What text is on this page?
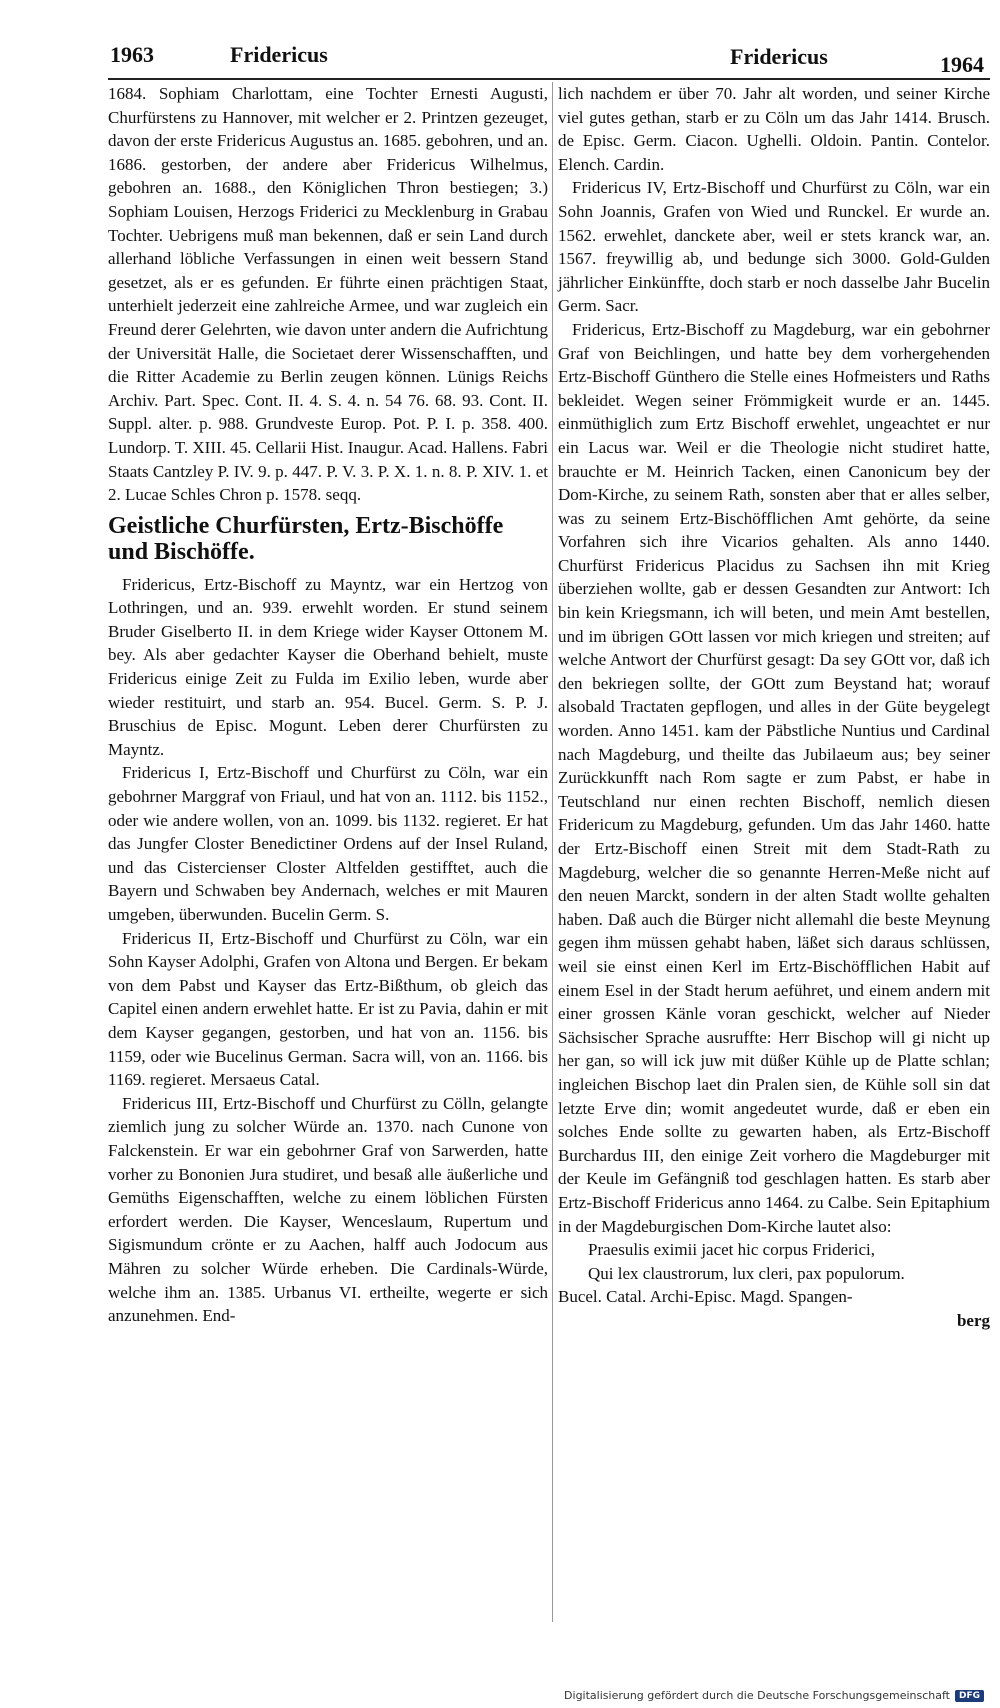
1963	Fridericus	Fridericus	1964

1684. Sophiam Charlottam, eine Tochter Ernesti Augusti, Churfürstens zu Hannover, mit welcher er 2. Printzen gezeuget, davon der erste Fridericus Augustus an. 1685. gebohren, und an. 1686. gestorben, der andere aber Fridericus Wilhelmus, gebohren an. 1688., den Königlichen Thron bestiegen; 3.) Sophiam Louisen, Herzogs Friderici zu Mecklenburg in Grabau Tochter. Uebrigens muß man bekennen, daß er sein Land durch allerhand löbliche Verfassungen in einen weit bessern Stand gesetzet, als er es gefunden. Er führte einen prächtigen Staat, unterhielt jederzeit eine zahlreiche Armee, und war zugleich ein Freund derer Gelehrten, wie davon unter andern die Aufrichtung der Universität Halle, die Societaet derer Wissenschafften, und die Ritter Academie zu Berlin zeugen können. Lünigs Reichs Archiv. Part. Spec. Cont. II. 4. S. 4. n. 54 76. 68. 93. Cont. II. Suppl. alter. p. 988. Grundveste Europ. Pot. P. I. p. 358. 400. Lundorp. T. XIII. 45. Cellarii Hist. Inaugur. Acad. Hallens. Fabri Staats Cantzley P. IV. 9. p. 447. P. V. 3. P. X. 1. n. 8. P. XIV. 1. et 2. Lucae Schles Chron p. 1578. seqq.

Geistliche Churfürsten, Ertz-Bischöffe und Bischöffe.

Fridericus, Ertz-Bischoff zu Mayntz, war ein Hertzog von Lothringen, und an. 939. erwehlt worden. Er stund seinem Bruder Giselberto II. in dem Kriege wider Kayser Ottonem M. bey. Als aber gedachter Kayser die Oberhand behielt, muste Fridericus einige Zeit zu Fulda im Exilio leben, wurde aber wieder restituirt, und starb an. 954. Bucel. Germ. S. P. J. Bruschius de Episc. Mogunt. Leben derer Churfürsten zu Mayntz.

Fridericus I, Ertz-Bischoff und Churfürst zu Cöln, war ein gebohrner Marggraf von Friaul, und hat von an. 1112. bis 1152., oder wie andere wollen, von an. 1099. bis 1132. regieret. Er hat das Jungfer Closter Benedictiner Ordens auf der Insel Ruland, und das Cistercienser Closter Altfelden gestifftet, auch die Bayern und Schwaben bey Andernach, welches er mit Mauren umgeben, überwunden. Bucelin Germ. S.

Fridericus II, Ertz-Bischoff und Churfürst zu Cöln, war ein Sohn Kayser Adolphi, Grafen von Altona und Bergen. Er bekam von dem Pabst und Kayser das Ertz-Bißthum, ob gleich das Capitel einen andern erwehlet hatte. Er ist zu Pavia, dahin er mit dem Kayser gegangen, gestorben, und hat von an. 1156. bis 1159, oder wie Bucelinus German. Sacra will, von an. 1166. bis 1169. regieret. Mersaeus Catal.

Fridericus III, Ertz-Bischoff und Churfürst zu Cölln, gelangte ziemlich jung zu solcher Würde an. 1370. nach Cunone von Falckenstein. Er war ein gebohrner Graf von Sarwerden, hatte vorher zu Bononien Jura studiret, und besaß alle äußerliche und Gemüths Eigenschafften, welche zu einem löblichen Fürsten erfordert werden. Die Kayser, Wenceslaum, Rupertum und Sigismundum crönte er zu Aachen, halff auch Jodocum aus Mähren zu solcher Würde erheben. Die Cardinals-Würde, welche ihm an. 1385. Urbanus VI. ertheilte, wegerte er sich anzunehmen. End-

lich nachdem er über 70. Jahr alt worden, und seiner Kirche viel gutes gethan, starb er zu Cöln um das Jahr 1414. Brusch. de Episc. Germ. Ciacon. Ughelli. Oldoin. Pantin. Contelor. Elench. Cardin.

Fridericus IV, Ertz-Bischoff und Churfürst zu Cöln, war ein Sohn Joannis, Grafen von Wied und Runckel. Er wurde an. 1562. erwehlet, danckete aber, weil er stets kranck war, an. 1567. freywillig ab, und bedunge sich 3000. Gold-Gulden jährlicher Einkünffte, doch starb er noch dasselbe Jahr Bucelin Germ. Sacr.

Fridericus, Ertz-Bischoff zu Magdeburg, war ein gebohrner Graf von Beichlingen, und hatte bey dem vorhergehenden Ertz-Bischoff Günthero die Stelle eines Hofmeisters und Raths bekleidet. Wegen seiner Frömmigkeit wurde er an. 1445. einmüthiglich zum Ertz Bischoff erwehlet, ungeachtet er nur ein Lacus war. Weil er die Theologie nicht studiret hatte, brauchte er M. Heinrich Tacken, einen Canonicum bey der Dom-Kirche, zu seinem Rath, sonsten aber that er alles selber, was zu seinem Ertz-Bischöfflichen Amt gehörte, da seine Vorfahren sich ihre Vicarios gehalten. Als anno 1440. Churfürst Fridericus Placidus zu Sachsen ihn mit Krieg überziehen wollte, gab er dessen Gesandten zur Antwort: Ich bin kein Kriegsmann, ich will beten, und mein Amt bestellen, und im übrigen GOtt lassen vor mich kriegen und streiten; auf welche Antwort der Churfürst gesagt: Da sey GOtt vor, daß ich den bekriegen sollte, der GOtt zum Beystand hat; worauf alsobald Tractaten gepflogen, und alles in der Güte beygelegt worden. Anno 1451. kam der Päbstliche Nuntius und Cardinal nach Magdeburg, und theilte das Jubilaeum aus; bey seiner Zurückkunfft nach Rom sagte er zum Pabst, er habe in Teutschland nur einen rechten Bischoff, nemlich diesen Fridericum zu Magdeburg, gefunden. Um das Jahr 1460. hatte der Ertz-Bischoff einen Streit mit dem Stadt-Rath zu Magdeburg, welcher die so genannte Herren-Meße nicht auf den neuen Marckt, sondern in der alten Stadt wollte gehalten haben. Daß auch die Bürger nicht allemahl die beste Meynung gegen ihm müssen gehabt haben, läßet sich daraus schlüssen, weil sie einst einen Kerl im Ertz-Bischöfflichen Habit auf einem Esel in der Stadt herum aeführet, und einem andern mit einer grossen Känle voran geschickt, welcher auf Nieder Sächsischer Sprache ausruffte: Herr Bischop will gi nicht up her gan, so will ick juw mit düßer Kühle up de Platte schlan; ingleichen Bischop laet din Pralen sien, de Kühle soll sin dat letzte Erve din; womit angedeutet wurde, daß er eben ein solches Ende sollte zu gewarten haben, als Ertz-Bischoff Burchardus III, den einige Zeit vorhero die Magdeburger mit der Keule im Gefängniß tod geschlagen hatten. Es starb aber Ertz-Bischoff Fridericus anno 1464. zu Calbe. Sein Epitaphium in der Magdeburgischen Dom-Kirche lautet also:

Praesulis eximii jacet hic corpus Friderici,

Qui lex claustrorum, lux cleri, pax populorum.

Bucel. Catal. Archi-Episc. Magd. Spangen-

berg

Digitalisierung gefördert durch die Deutsche Forschungsgemeinschaft	DFG
